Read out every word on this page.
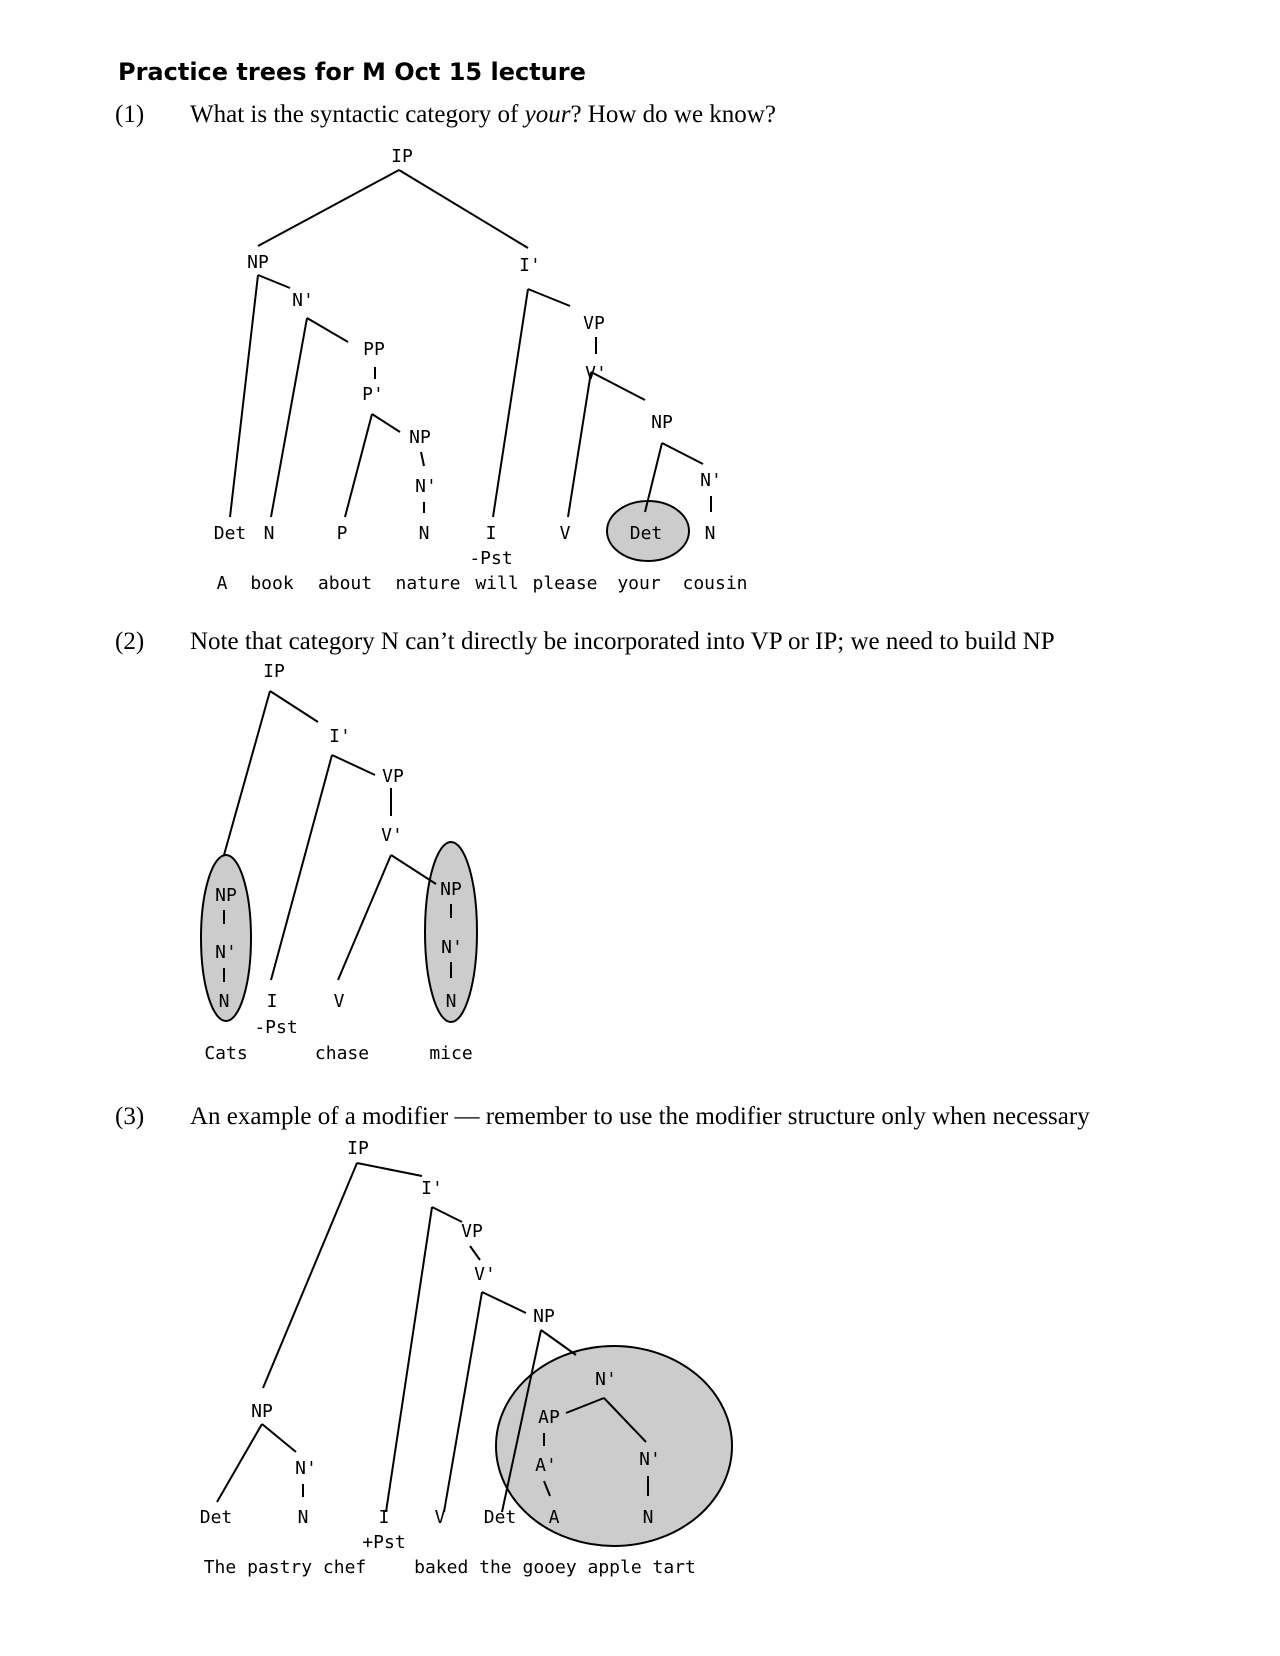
Practice trees for M Oct 15 lecture
(1) What is the syntactic category of your? How do we know?
(2) Note that category N can’t directly be incorporated into VP or IP; we need to build NP
(3) An example of a modifier — remember to use the modifier structure only when necessary
IP
NP
N'
PP
P'
NP
N'
I'
VP
V'
NP
N'
Det N	P	N	I	V	Det N
-Pst
A book about nature will please your cousin
IP
I'
VP
V'
NP
N'
N
NP
N'
N
I	V
-Pst
Cats	chase	mice
IP
I'
VP
V'
NP
N'
AP
A'	N'
NP
N'
Det	N	I	V Det A	N
+Pst
The pastry chef	baked the gooey apple tart
